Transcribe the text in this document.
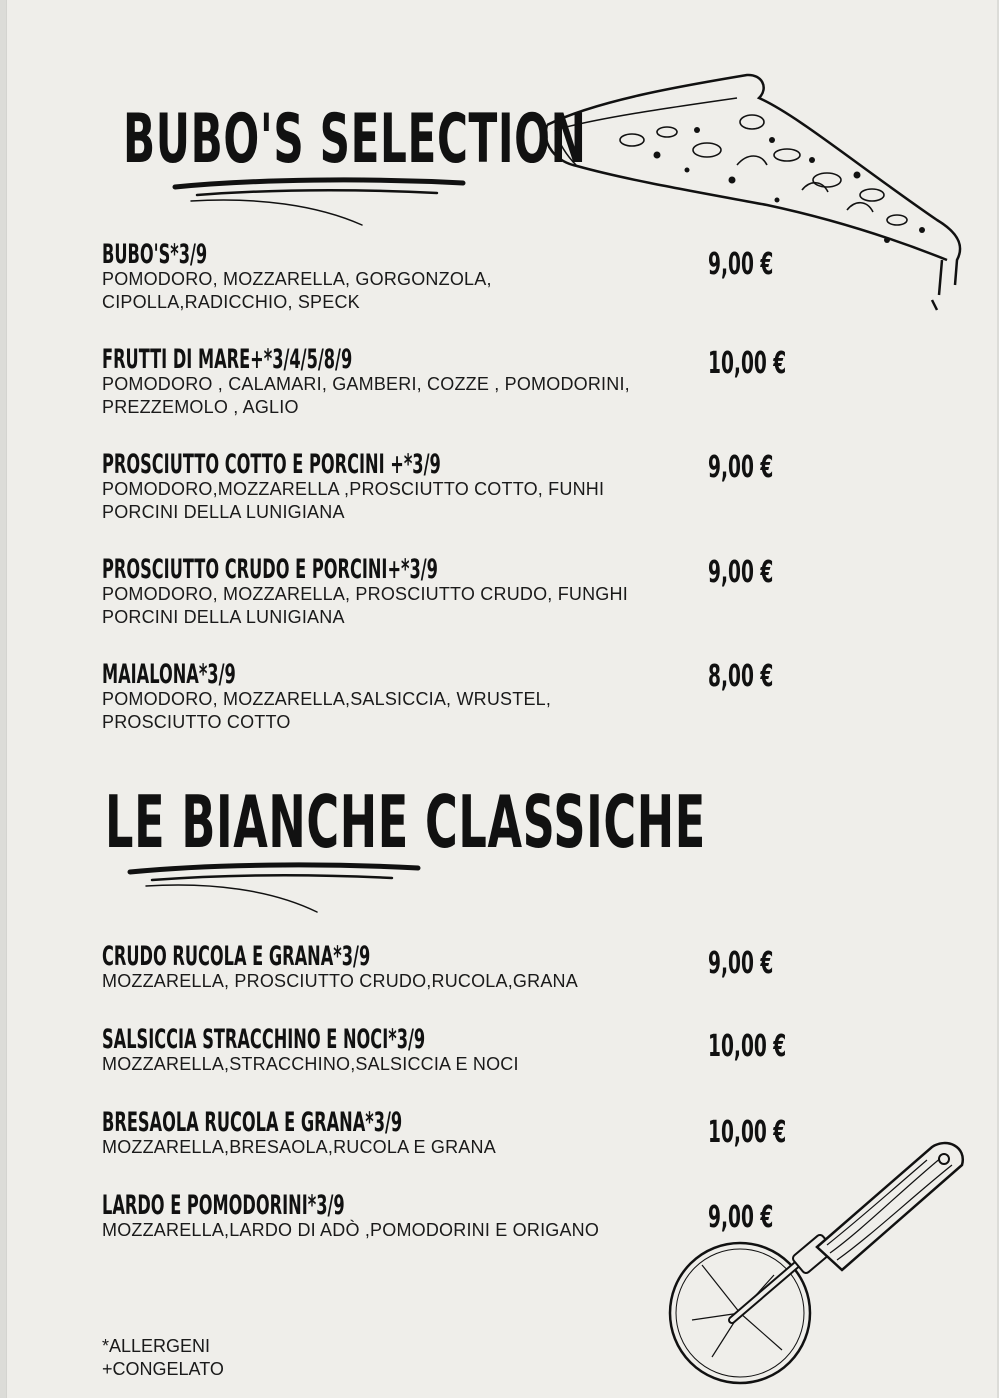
BUBO'S SELECTION
BUBO'S*3/9
POMODORO, MOZZARELLA, GORGONZOLA, CIPOLLA,RADICCHIO, SPECK
9,00 €
FRUTTI DI MARE+*3/4/5/8/9
POMODORO , CALAMARI, GAMBERI, COZZE , POMODORINI, PREZZEMOLO , AGLIO
10,00 €
PROSCIUTTO COTTO E PORCINI +*3/9
POMODORO,MOZZARELLA ,PROSCIUTTO COTTO, FUNHI PORCINI DELLA LUNIGIANA
9,00 €
PROSCIUTTO CRUDO E PORCINI+*3/9
POMODORO, MOZZARELLA, PROSCIUTTO CRUDO, FUNGHI PORCINI DELLA LUNIGIANA
9,00 €
MAIALONA*3/9
POMODORO, MOZZARELLA,SALSICCIA, WRUSTEL, PROSCIUTTO COTTO
8,00 €
LE BIANCHE CLASSICHE
CRUDO RUCOLA E GRANA*3/9
MOZZARELLA, PROSCIUTTO CRUDO,RUCOLA,GRANA	9,00 €
SALSICCIA STRACCHINO E NOCI*3/9
MOZZARELLA,STRACCHINO,SALSICCIA E NOCI	10,00 €
BRESAOLA RUCOLA E GRANA*3/9
MOZZARELLA,BRESAOLA,RUCOLA E GRANA	10,00 €
LARDO E POMODORINI*3/9
MOZZARELLA,LARDO DI ADÒ ,POMODORINI E ORIGANO	9,00 €
*ALLERGENI
+CONGELATO
